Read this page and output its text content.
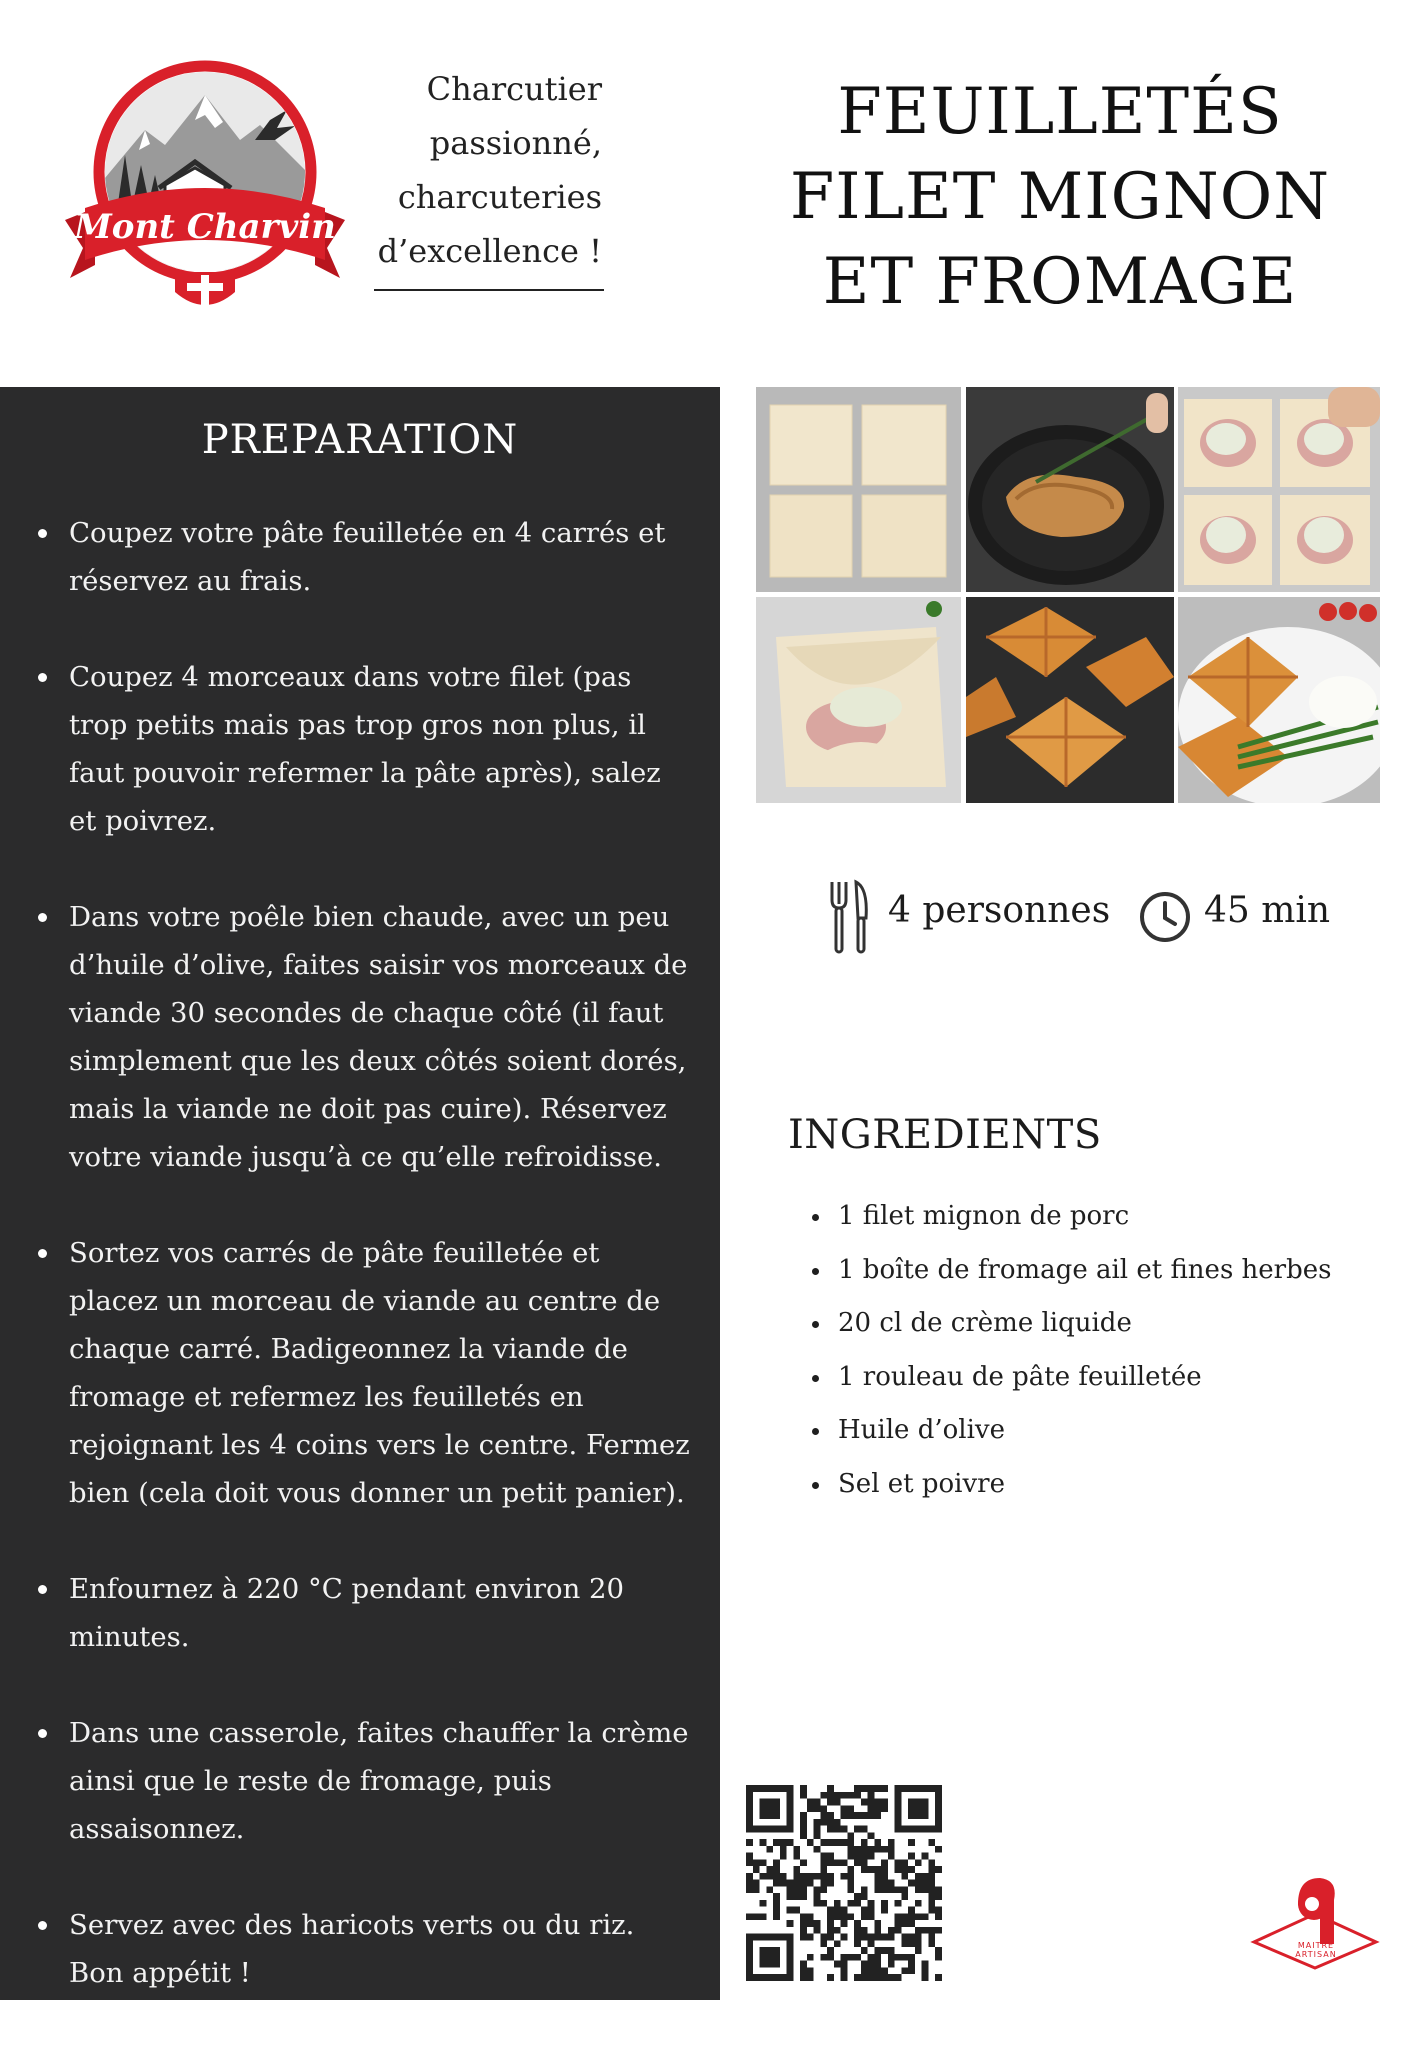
Mont Charvin
Charcutier
passionné,
charcuteries
d’excellence !
FEUILLETÉS
FILET MIGNON
ET FROMAGE
PREPARATION
Coupez votre pâte feuilletée en 4 carrés et réservez au frais.
Coupez 4 morceaux dans votre filet (pas trop petits mais pas trop gros non plus, il faut pouvoir refermer la pâte après), salez et poivrez.
Dans votre poêle bien chaude, avec un peu d’huile d’olive, faites saisir vos morceaux de viande 30 secondes de chaque côté (il faut simplement que les deux côtés soient dorés, mais la viande ne doit pas cuire). Réservez votre viande jusqu’à ce qu’elle refroidisse.
Sortez vos carrés de pâte feuilletée et placez un morceau de viande au centre de chaque carré. Badigeonnez la viande de fromage et refermez les feuilletés en rejoignant les 4 coins vers le centre. Fermez bien (cela doit vous donner un petit panier).
Enfournez à 220 °C pendant environ 20 minutes.
Dans une casserole, faites chauffer la crème ainsi que le reste de fromage, puis assaisonnez.
Servez avec des haricots verts ou du riz. Bon appétit !
4 personnes	45 min
INGREDIENTS
1 filet mignon de porc
1 boîte de fromage ail et fines herbes
20 cl de crème liquide
1 rouleau de pâte feuilletée
Huile d’olive
Sel et poivre
MAITRE
ARTISAN
